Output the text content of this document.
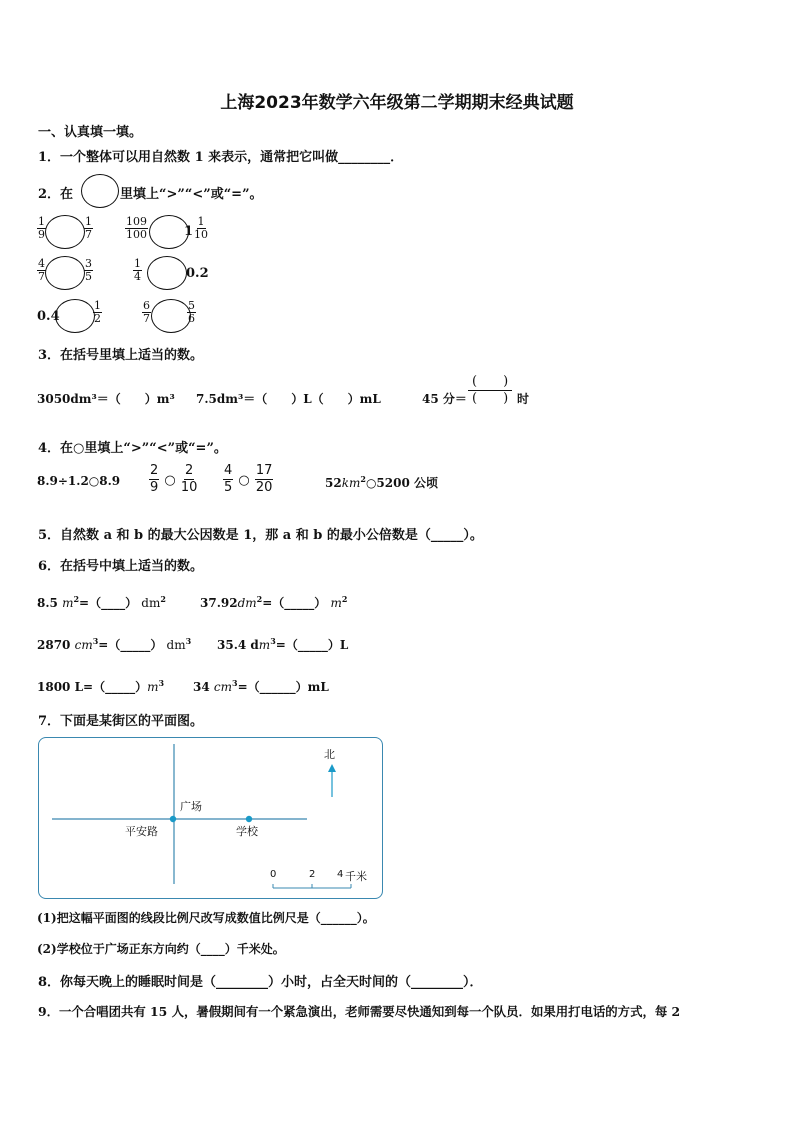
上海2023年数学六年级第二学期期末经典试题
一、认真填一填。
1．一个整体可以用自然数 1 来表示，通常把它叫做________．
2．在	里填上“>”“<”或“=”。
$\frac{1}{9}$	$\frac{1}{7}$	$\frac{109}{100}$	$1 \frac{1}{10}$
$\frac{4}{7}$	$\frac{3}{5}$	$\frac{1}{4}$	0.2
0.4	$\frac{1}{2}$	$\frac{6}{7}$	$\frac{5}{6}$
3．在括号里填上适当的数。
3050dm³＝（　　）m³ 7.5dm³＝（　　）L（　　）mL	45 分＝ $\frac{( )}{( )}$ 时
4．在○里填上“>”“<”或“=”。
8.9÷1.2○8.9 $\frac{2}{9}$ ○ $\frac{2}{10} \frac{4}{5}$ ○ $\frac{17}{20}$	$52km^2○5200$ 公顷
5．自然数 a 和 b 的最大公因数是 1，那 a 和 b 的最小公倍数是（_____）。
6．在括号中填上适当的数。
8.5 $m^2=(\_\_\_\_)$ $dm^2$	$37.92dm^2=(\_\_\_\_\_)$ $m^2$
2870 $cm^3=(\_\_\_\_\_)$ $dm^3$ 35.4 $dm^3=(\_\_\_\_\_)L$
1800 $L=(\_\_\_\_\_)m^3$ 34 $cm^3=(\_\_\_\_\_\_)mL$
7．下面是某街区的平面图。
北
广场
平安路	学校
0	2 4 千米
(1)把这幅平面图的线段比例尺改写成数值比例尺是（______）。
(2)学校位于广场正东方向约（____）千米处。
8．你每天晚上的睡眠时间是（________）小时，占全天时间的（________）．
9．一个合唱团共有 15 人，暑假期间有一个紧急演出，老师需要尽快通知到每一个队员．如果用打电话的方式，每 2
